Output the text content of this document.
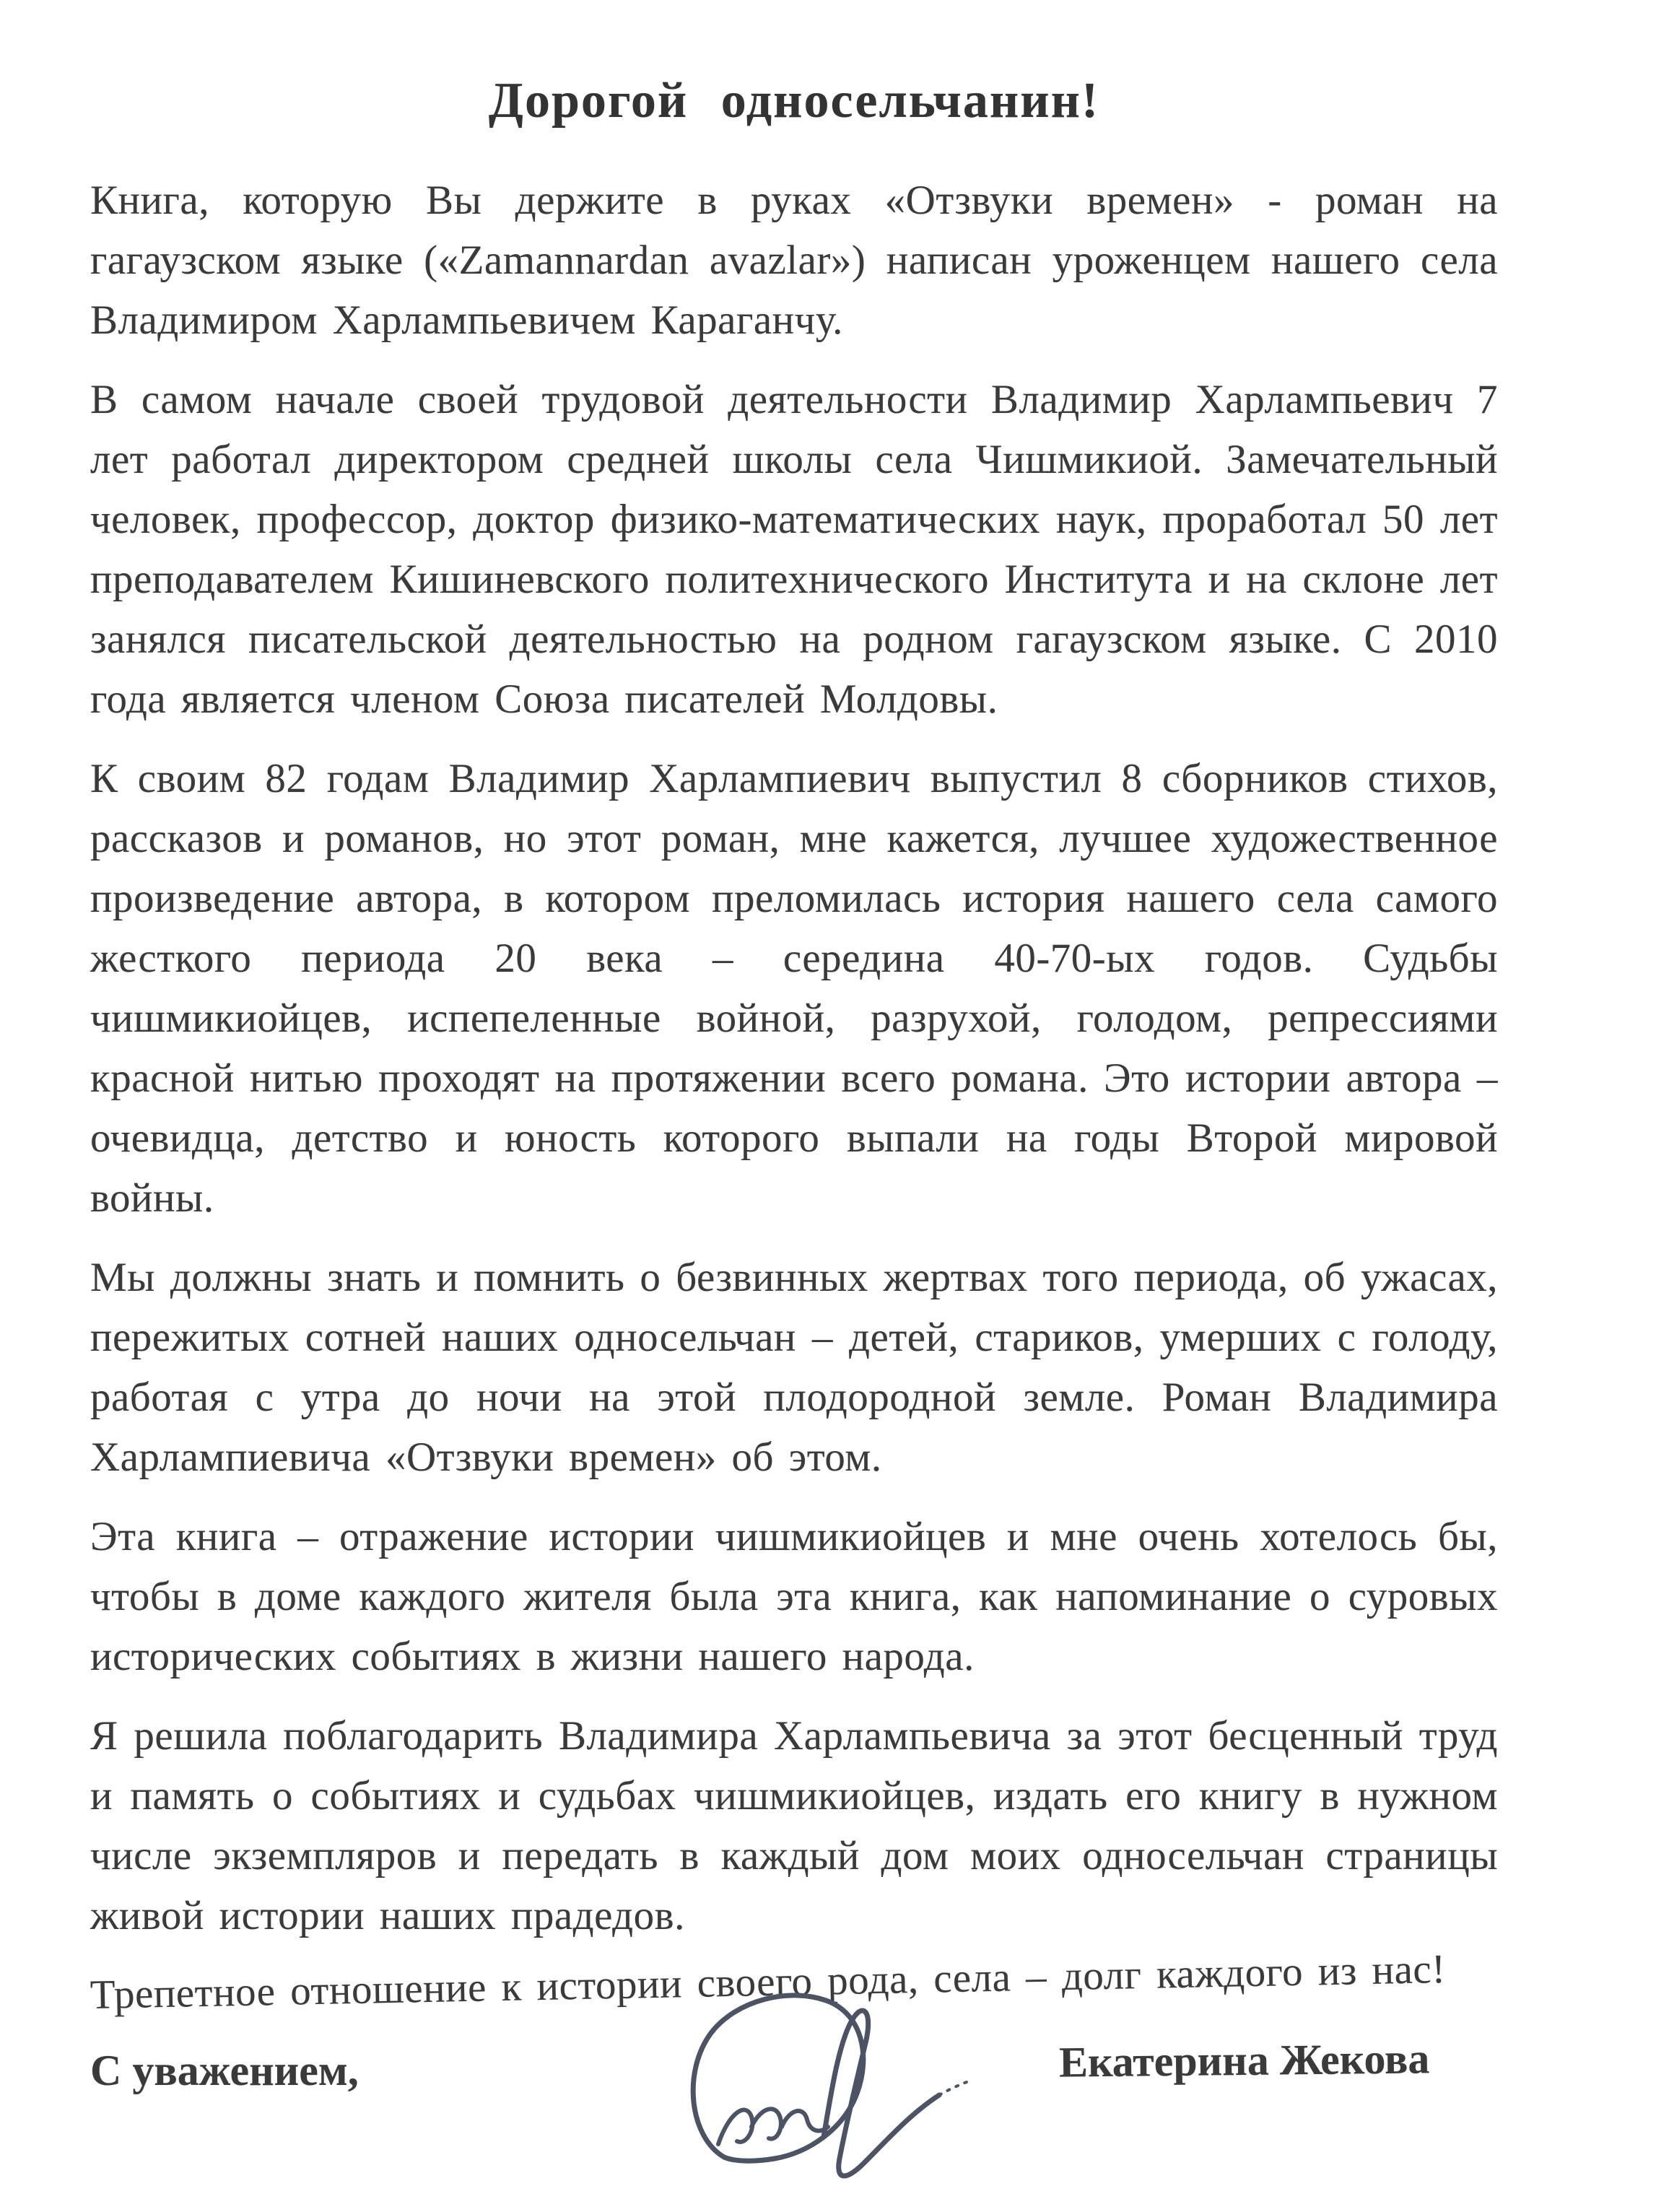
Дорогой односельчанин!

Книга, которую Вы держите в руках «Отзвуки времен» - роман на гагаузском языке («Zamannardan avazlar») написан уроженцем нашего села Владимиром Харлампьевичем Караганчу.

В самом начале своей трудовой деятельности Владимир Харлампьевич 7 лет работал директором средней школы села Чишмикиой. Замечательный человек, профессор, доктор физико-математических наук, проработал 50 лет преподавателем Кишиневского политехнического Института и на склоне лет занялся писательской деятельностью на родном гагаузском языке. С 2010 года является членом Союза писателей Молдовы.

К своим 82 годам Владимир Харлампиевич выпустил 8 сборников стихов, рассказов и романов, но этот роман, мне кажется, лучшее художественное произведение автора, в котором преломилась история нашего села самого жесткого периода 20 века – середина 40-70-ых годов. Судьбы чишмикиойцев, испепеленные войной, разрухой, голодом, репрессиями красной нитью проходят на протяжении всего романа. Это истории автора – очевидца, детство и юность которого выпали на годы Второй мировой войны.

Мы должны знать и помнить о безвинных жертвах того периода, об ужасах, пережитых сотней наших односельчан – детей, стариков, умерших с голоду, работая с утра до ночи на этой плодородной земле. Роман Владимира Харлампиевича «Отзвуки времен» об этом.

Эта книга – отражение истории чишмикиойцев и мне очень хотелось бы, чтобы в доме каждого жителя была эта книга, как напоминание о суровых исторических событиях в жизни нашего народа.

Я решила поблагодарить Владимира Харлампьевича за этот бесценный труд и память о событиях и судьбах чишмикиойцев, издать его книгу в нужном числе экземпляров и передать в каждый дом моих односельчан страницы живой истории наших прадедов.

Трепетное отношение к истории своего рода, села – долг каждого из нас!

С уважением,	Екатерина Жекова
